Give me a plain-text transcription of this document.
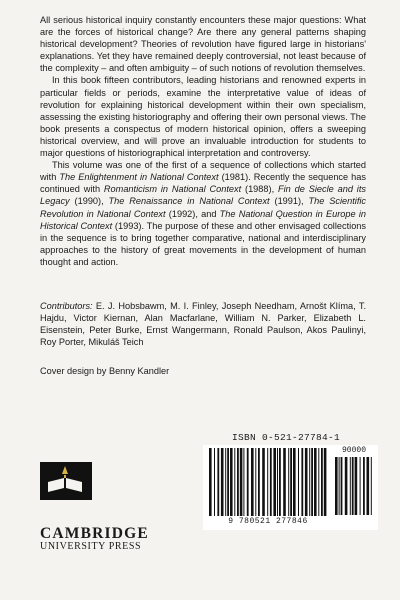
All serious historical inquiry constantly encounters these major questions: What are the forces of historical change? Are there any general patterns shaping historical development? Theories of revolution have figured large in historians' explanations. Yet they have remained deeply controversial, not least because of the complexity – and often ambiguity – of such notions of revolution themselves.

In this book fifteen contributors, leading historians and renowned experts in particular fields or periods, examine the interpretative value of ideas of revolution for explaining historical development within their own specialism, assessing the existing historiography and offering their own personal views. The book presents a conspectus of modern historical opinion, offers a sweeping historical overview, and will prove an invaluable introduction for students to major questions of historiographical interpretation and controversy.

This volume was one of the first of a sequence of collections which started with The Enlightenment in National Context (1981). Recently the sequence has continued with Romanticism in National Context (1988), Fin de Siecle and its Legacy (1990), The Renaissance in National Context (1991), The Scientific Revolution in National Context (1992), and The National Question in Europe in Historical Context (1993). The purpose of these and other envisaged collections in the sequence is to bring together comparative, national and interdisciplinary approaches to the history of great movements in the development of human thought and action.

Contributors: E. J. Hobsbawm, M. I. Finley, Joseph Needham, Arnošt Klíma, T. Hajdu, Victor Kiernan, Alan Macfarlane, William N. Parker, Elizabeth L. Eisenstein, Peter Burke, Ernst Wangermann, Ronald Paulson, Akos Paulinyi, Roy Porter, Mikuláš Teich
Cover design by Benny Kandler
ISBN 0-521-27784-1
90000
9 780521 277846
CAMBRIDGE
UNIVERSITY PRESS
